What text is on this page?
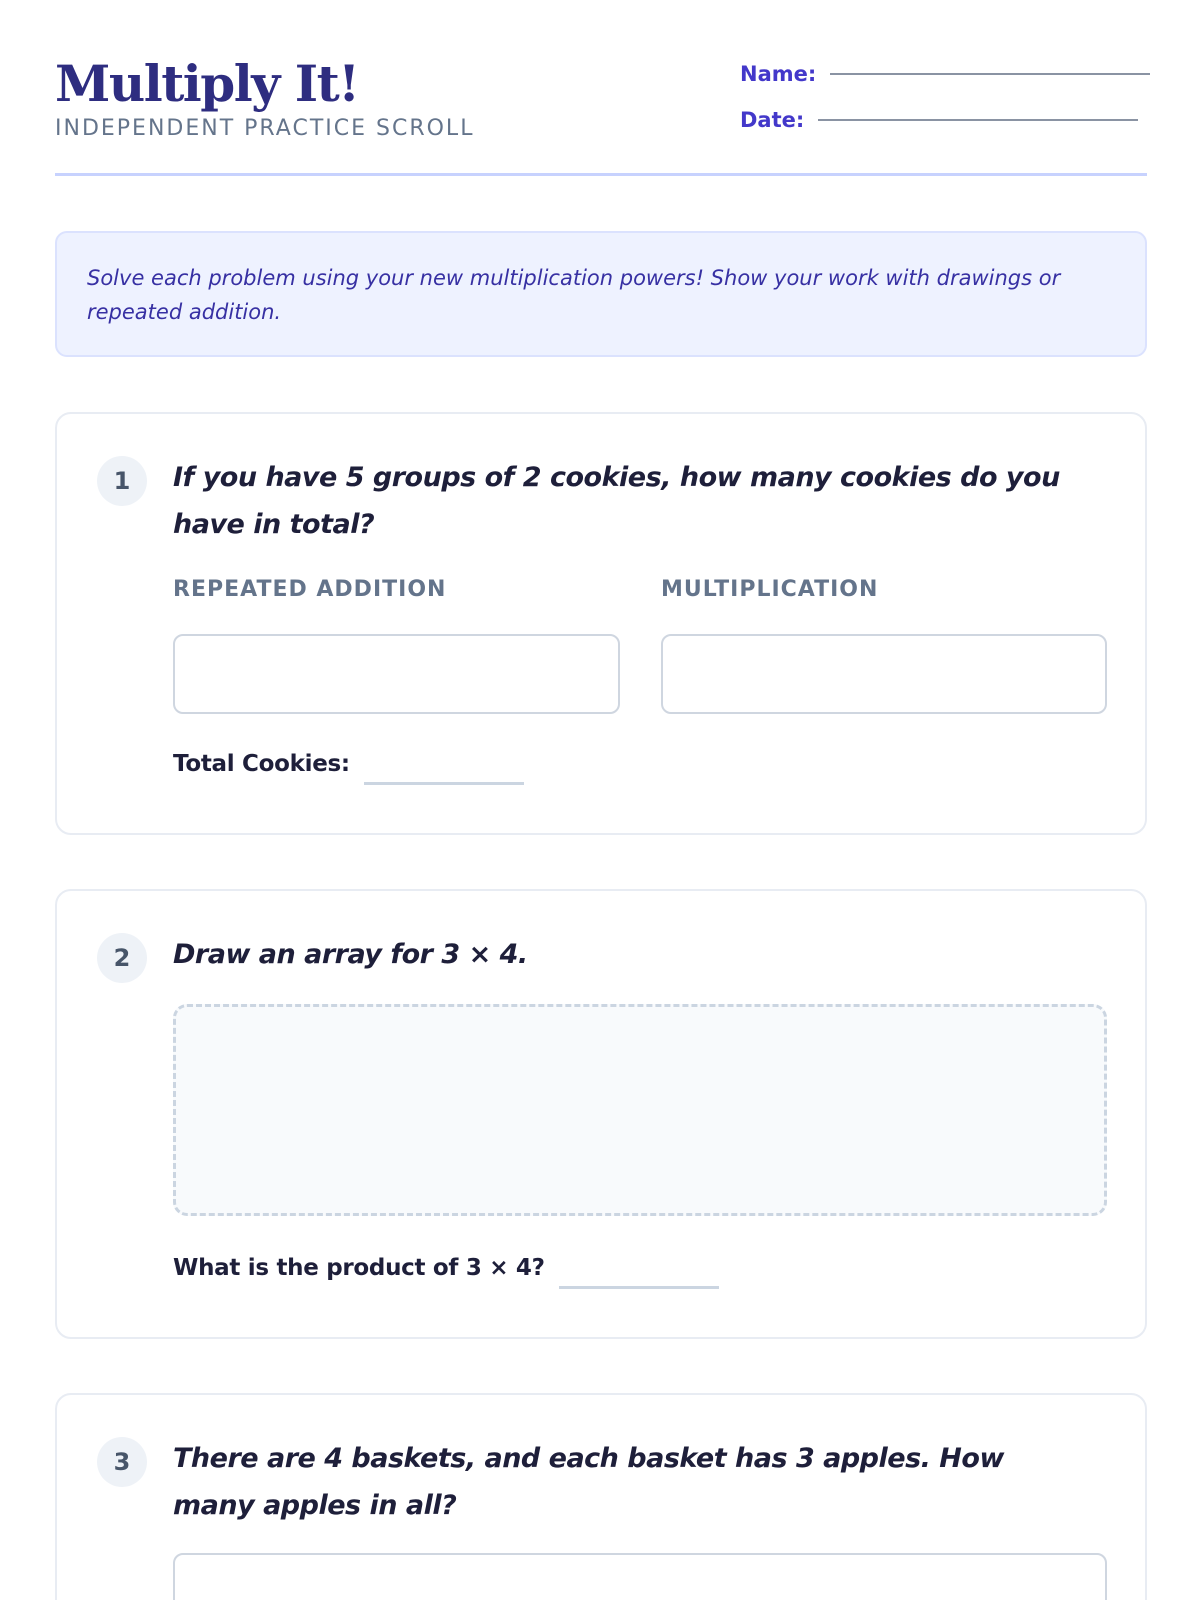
Multiply It!
INDEPENDENT PRACTICE SCROLL
Name:
Date:

Solve each problem using your new multiplication powers! Show your work with drawings or repeated addition.

1	If you have 5 groups of 2 cookies, how many cookies do you have in total?
REPEATED ADDITION	MULTIPLICATION
Total Cookies:
2	Draw an array for 3 × 4.
What is the product of 3 × 4?
3	There are 4 baskets, and each basket has 3 apples. How many apples in all?
